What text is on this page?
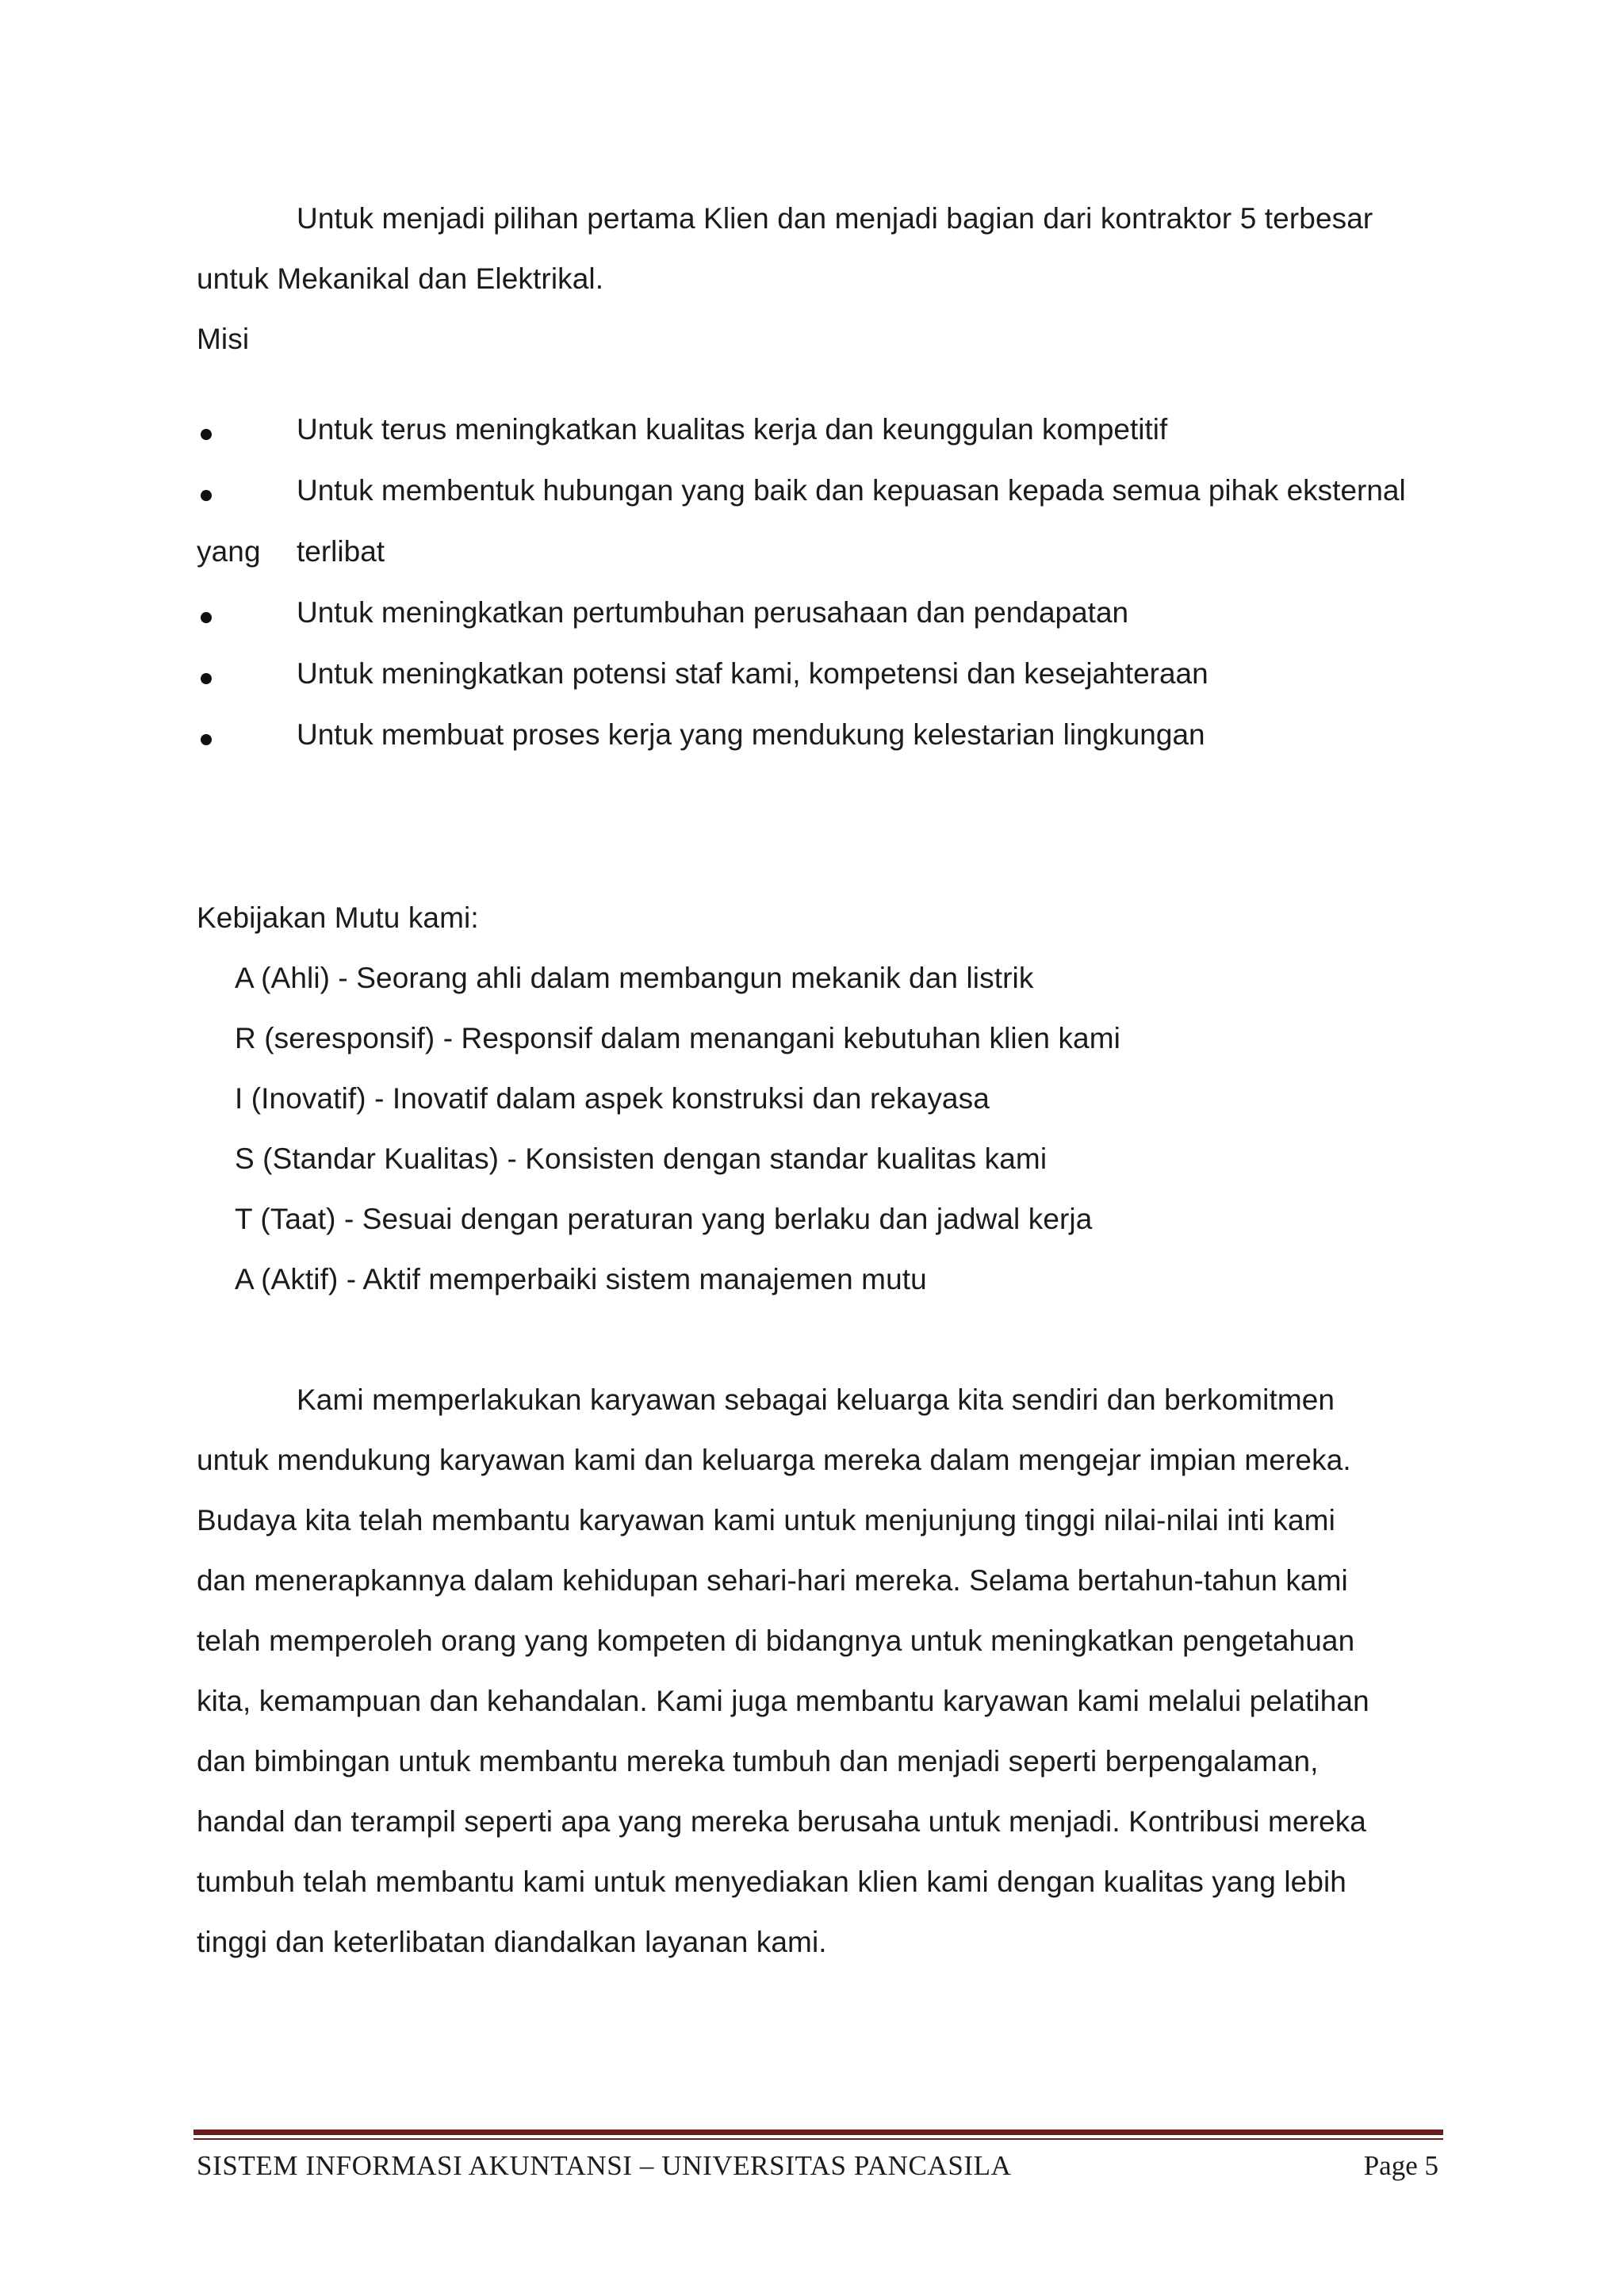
Untuk menjadi pilihan pertama Klien dan menjadi bagian dari kontraktor 5 terbesar
untuk Mekanikal dan Elektrikal.
Misi
Untuk terus meningkatkan kualitas kerja dan keunggulan kompetitif
Untuk membentuk hubungan yang baik dan kepuasan kepada semua pihak eksternal
yang terlibat
Untuk meningkatkan pertumbuhan perusahaan dan pendapatan
Untuk meningkatkan potensi staf kami, kompetensi dan kesejahteraan
Untuk membuat proses kerja yang mendukung kelestarian lingkungan
Kebijakan Mutu kami:
A (Ahli) - Seorang ahli dalam membangun mekanik dan listrik
R (seresponsif) - Responsif dalam menangani kebutuhan klien kami
I (Inovatif) - Inovatif dalam aspek konstruksi dan rekayasa
S (Standar Kualitas) - Konsisten dengan standar kualitas kami
T (Taat) - Sesuai dengan peraturan yang berlaku dan jadwal kerja
A (Aktif) - Aktif memperbaiki sistem manajemen mutu
Kami memperlakukan karyawan sebagai keluarga kita sendiri dan berkomitmen
untuk mendukung karyawan kami dan keluarga mereka dalam mengejar impian mereka.
Budaya kita telah membantu karyawan kami untuk menjunjung tinggi nilai-nilai inti kami
dan menerapkannya dalam kehidupan sehari-hari mereka. Selama bertahun-tahun kami
telah memperoleh orang yang kompeten di bidangnya untuk meningkatkan pengetahuan
kita, kemampuan dan kehandalan. Kami juga membantu karyawan kami melalui pelatihan
dan bimbingan untuk membantu mereka tumbuh dan menjadi seperti berpengalaman,
handal dan terampil seperti apa yang mereka berusaha untuk menjadi. Kontribusi mereka
tumbuh telah membantu kami untuk menyediakan klien kami dengan kualitas yang lebih
tinggi dan keterlibatan diandalkan layanan kami.
SISTEM INFORMASI AKUNTANSI – UNIVERSITAS PANCASILA	Page 5
